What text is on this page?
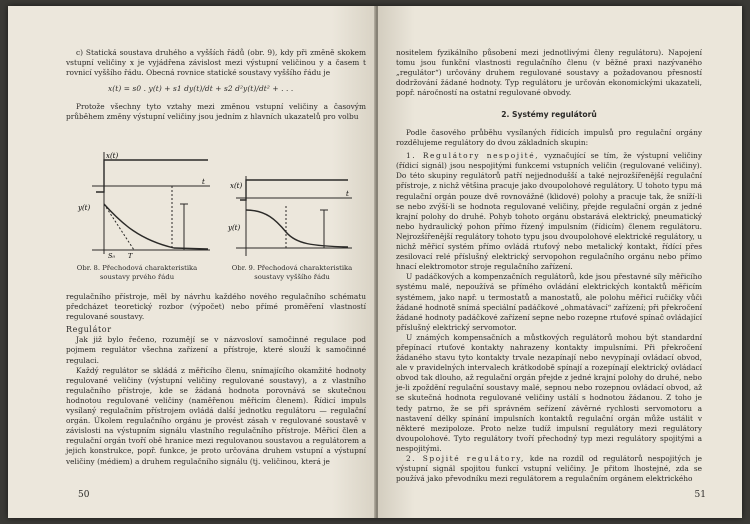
c) Statická soustava druhého a vyšších řádů (obr. 9), kdy při změně skokem vstupní veličiny x je vyjádřena závislost mezi výstupní veličinou y a časem t rovnicí vyššího řádu. Obecná rovnice statické soustavy vyššího řádu je

x(t) = s0 . y(t) + s1 dy(t)/dt + s2 d²y(t)/dt² + . . .

Protože všechny tyto vztahy mezi změnou vstupní veličiny a časovým průběhem změny výstupní veličiny jsou jedním z hlavních ukazatelů pro volbu

x(t)
y(t)
t
S₀ T
Obr. 8. Přechodová charakteristika soustavy prvého řádu
x(t)
y(t)
t
Obr. 9. Přechodová charakteristika soustavy vyššího řádu

regulačního přístroje, měl by návrhu každého nového regulačního schématu předcházet teoretický rozbor (výpočet) nebo přímé proměření vlastností regulované soustavy.

Regulátor

Jak již bylo řečeno, rozumějí se v názvosloví samočinné regulace pod pojmem regulátor všechna zařízení a přístroje, které slouží k samočinné regulaci.

Každý regulátor se skládá z měřicího členu, snímajícího okamžité hodnoty regulované veličiny (výstupní veličiny regulované soustavy), a z vlastního regulačního přístroje, kde se žádaná hodnota porovnává se skutečnou hodnotou regulované veličiny (naměřenou měřicím členem). Řídicí impuls vysílaný regulačním přístrojem ovládá další jednotku regulátoru — regulační orgán. Úkolem regulačního orgánu je provést zásah v regulované soustavě v závislosti na výstupním signálu vlastního regulačního přístroje. Měřicí člen a regulační orgán tvoří obě hranice mezi regulovanou soustavou a regulátorem a jejich konstrukce, popř. funkce, je proto určována druhem vstupní a výstupní veličiny (médiem) a druhem regulačního signálu (tj. veličinou, která je

50

nositelem fyzikálního působení mezi jednotlivými členy regulátoru). Napojení tomu jsou funkční vlastnosti regulačního členu (v běžné praxi nazývaného „regulátor“) určovány druhem regulované soustavy a požadovanou přesností dodržování žádané hodnoty. Typ regulátoru je určován ekonomickými ukazateli, popř. náročností na ostatní regulované obvody.

2. Systémy regulátorů

Podle časového průběhu vysílaných řídicích impulsů pro regulační orgány rozdělujeme regulátory do dvou základních skupin:

1. Regulátory nespojité, vyznačující se tím, že výstupní veličiny (řídicí signál) jsou nespojitými funkcemi vstupních veličin (regulované veličiny). Do této skupiny regulátorů patří nejjednodušší a také nejrozšířenější regulační přístroje, z nichž většina pracuje jako dvoupolohové regulátory. U tohoto typu má regulační orgán pouze dvě rovnovážné (klidové) polohy a pracuje tak, že sníží-li se nebo zvýší-li se hodnota regulované veličiny, přejde regulační orgán z jedné krajní polohy do druhé. Pohyb tohoto orgánu obstarává elektrický, pneumatický nebo hydraulický pohon přímo řízený impulsním (řídicím) členem regulátoru. Nejrozšířenější regulátory tohoto typu jsou dvoupolohové elektrické regulátory, u nichž měřicí systém přímo ovládá rtuťový nebo metalický kontakt, řídící přes zesilovací relé příslušný elektrický servopohon regulačního orgánu nebo přímo hnací elektromotor stroje regulačního zařízení.

U padáčkových a kompenzačních regulátorů, kde jsou přestavné síly měřicího systému malé, nepoužívá se přímého ovládání elektrických kontaktů měřicím systémem, jako např. u termostatů a manostatů, ale polohu měřicí ručičky vůči žádané hodnotě snímá speciální padáčkové „ohmatávací“ zařízení; při překročení žádané hodnoty padáčkové zařízení sepne nebo rozepne rtuťové spínač ovládající příslušný elektrický servomotor.

U známých kompensačních a můstkových regulátorů mohou být standardní přepínací rtuťové kontakty nahrazeny kontakty impulsními. Při překročení žádaného stavu tyto kontakty trvale nezapínají nebo nevypínají ovládací obvod, ale v pravidelných intervalech krátkodobě spínají a rozepínají elektrický ovládací obvod tak dlouho, až regulační orgán přejde z jedné krajní polohy do druhé, nebo je-li zpoždění regulační soustavy malé, sepnou nebo rozepnou ovládací obvod, až se skutečná hodnota regulované veličiny ustálí s hodnotou žádanou. Z toho je tedy patrno, že se při správném seřízení závěrné rychlosti servomotoru a nastavení délky spínání impulsních kontaktů regulační orgán může ustálit v některé mezipoloze. Proto nelze tudíž impulsní regulátory mezi regulátory dvoupolohové. Tyto regulátory tvoří přechodný typ mezi regulátory spojitými a nespojitými.

2. Spojité regulátory, kde na rozdíl od regulátorů nespojitých je výstupní signál spojitou funkcí vstupní veličiny. Je přitom lhostejné, zda se používá jako převodníku mezi regulátorem a regulačním orgánem elektrického

51
